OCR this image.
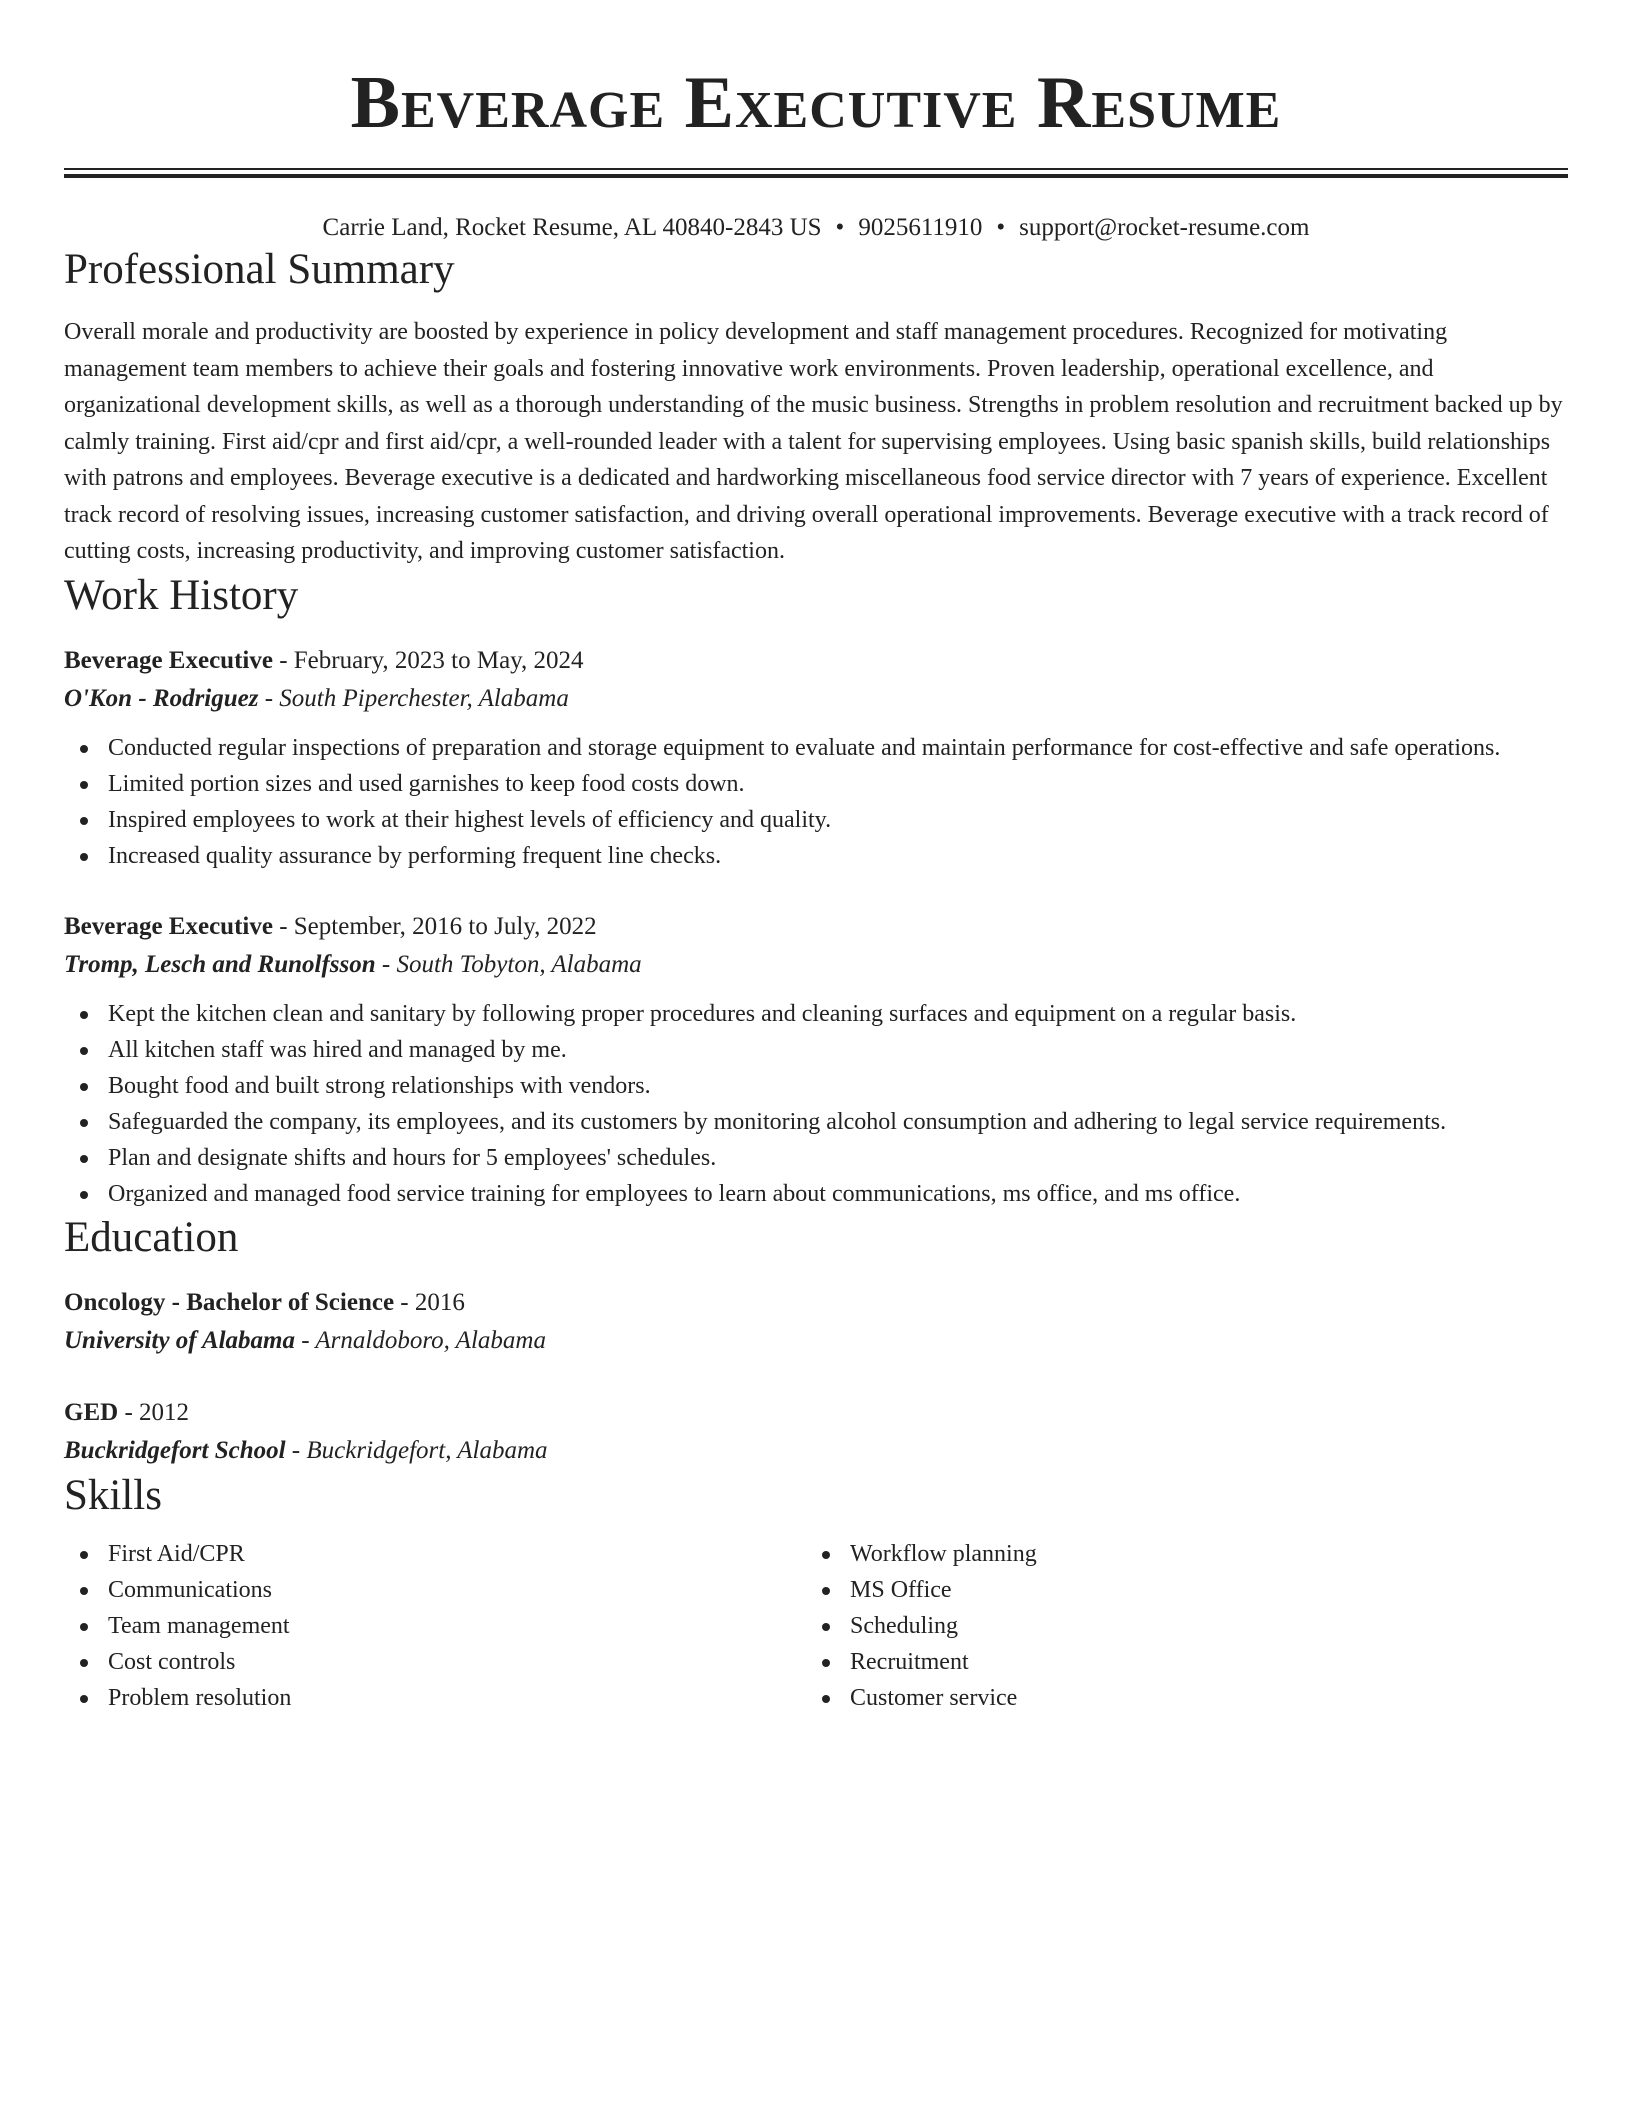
Beverage Executive Resume
Carrie Land, Rocket Resume, AL 40840-2843 US • 9025611910 • support@rocket-resume.com
Professional Summary

Overall morale and productivity are boosted by experience in policy development and staff management procedures. Recognized for motivating management team members to achieve their goals and fostering innovative work environments. Proven leadership, operational excellence, and organizational development skills, as well as a thorough understanding of the music business. Strengths in problem resolution and recruitment backed up by calmly training. First aid/cpr and first aid/cpr, a well-rounded leader with a talent for supervising employees. Using basic spanish skills, build relationships with patrons and employees. Beverage executive is a dedicated and hardworking miscellaneous food service director with 7 years of experience. Excellent track record of resolving issues, increasing customer satisfaction, and driving overall operational improvements. Beverage executive with a track record of cutting costs, increasing productivity, and improving customer satisfaction.

Work History
Beverage Executive - February, 2023 to May, 2024
O'Kon - Rodriguez - South Piperchester, Alabama
Conducted regular inspections of preparation and storage equipment to evaluate and maintain performance for cost-effective and safe operations.
Limited portion sizes and used garnishes to keep food costs down.
Inspired employees to work at their highest levels of efficiency and quality.
Increased quality assurance by performing frequent line checks.
Beverage Executive - September, 2016 to July, 2022
Tromp, Lesch and Runolfsson - South Tobyton, Alabama
Kept the kitchen clean and sanitary by following proper procedures and cleaning surfaces and equipment on a regular basis.
All kitchen staff was hired and managed by me.
Bought food and built strong relationships with vendors.
Safeguarded the company, its employees, and its customers by monitoring alcohol consumption and adhering to legal service requirements.
Plan and designate shifts and hours for 5 employees' schedules.
Organized and managed food service training for employees to learn about communications, ms office, and ms office.
Education
Oncology - Bachelor of Science - 2016
University of Alabama - Arnaldoboro, Alabama
GED - 2012
Buckridgefort School - Buckridgefort, Alabama
Skills
First Aid/CPR
Communications
Team management
Cost controls
Problem resolution
Workflow planning
MS Office
Scheduling
Recruitment
Customer service
